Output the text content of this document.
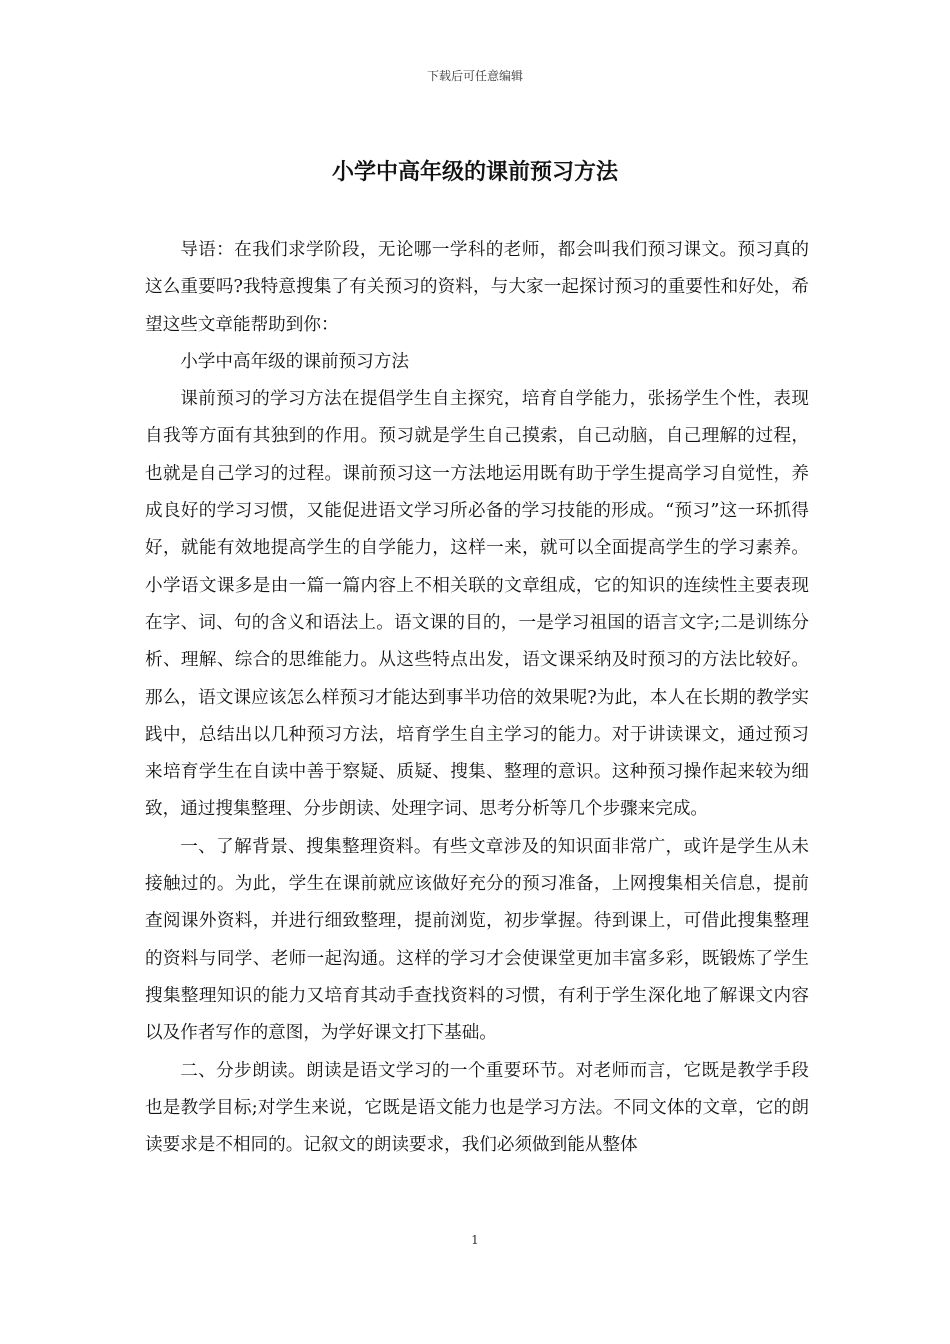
下载后可任意编辑
小学中高年级的课前预习方法

导语：在我们求学阶段，无论哪一学科的老师，都会叫我们预习课文。预习真的这么重要吗?我特意搜集了有关预习的资料，与大家一起探讨预习的重要性和好处，希望这些文章能帮助到你：

小学中高年级的课前预习方法

课前预习的学习方法在提倡学生自主探究，培育自学能力，张扬学生个性，表现自我等方面有其独到的作用。预习就是学生自己摸索，自己动脑，自己理解的过程，也就是自己学习的过程。课前预习这一方法地运用既有助于学生提高学习自觉性，养成良好的学习习惯，又能促进语文学习所必备的学习技能的形成。“预习”这一环抓得好，就能有效地提高学生的自学能力，这样一来，就可以全面提高学生的学习素养。小学语文课多是由一篇一篇内容上不相关联的文章组成，它的知识的连续性主要表现在字、词、句的含义和语法上。语文课的目的，一是学习祖国的语言文字;二是训练分析、理解、综合的思维能力。从这些特点出发，语文课采纳及时预习的方法比较好。那么，语文课应该怎么样预习才能达到事半功倍的效果呢?为此，本人在长期的教学实践中，总结出以几种预习方法，培育学生自主学习的能力。对于讲读课文，通过预习来培育学生在自读中善于察疑、质疑、搜集、整理的意识。这种预习操作起来较为细致，通过搜集整理、分步朗读、处理字词、思考分析等几个步骤来完成。

一、了解背景、搜集整理资料。有些文章涉及的知识面非常广，或许是学生从未接触过的。为此，学生在课前就应该做好充分的预习准备，上网搜集相关信息，提前查阅课外资料，并进行细致整理，提前浏览，初步掌握。待到课上，可借此搜集整理的资料与同学、老师一起沟通。这样的学习才会使课堂更加丰富多彩，既锻炼了学生搜集整理知识的能力又培育其动手查找资料的习惯，有利于学生深化地了解课文内容以及作者写作的意图，为学好课文打下基础。

二、分步朗读。朗读是语文学习的一个重要环节。对老师而言，它既是教学手段也是教学目标;对学生来说，它既是语文能力也是学习方法。不同文体的文章，它的朗读要求是不相同的。记叙文的朗读要求，我们必须做到能从整体

1
